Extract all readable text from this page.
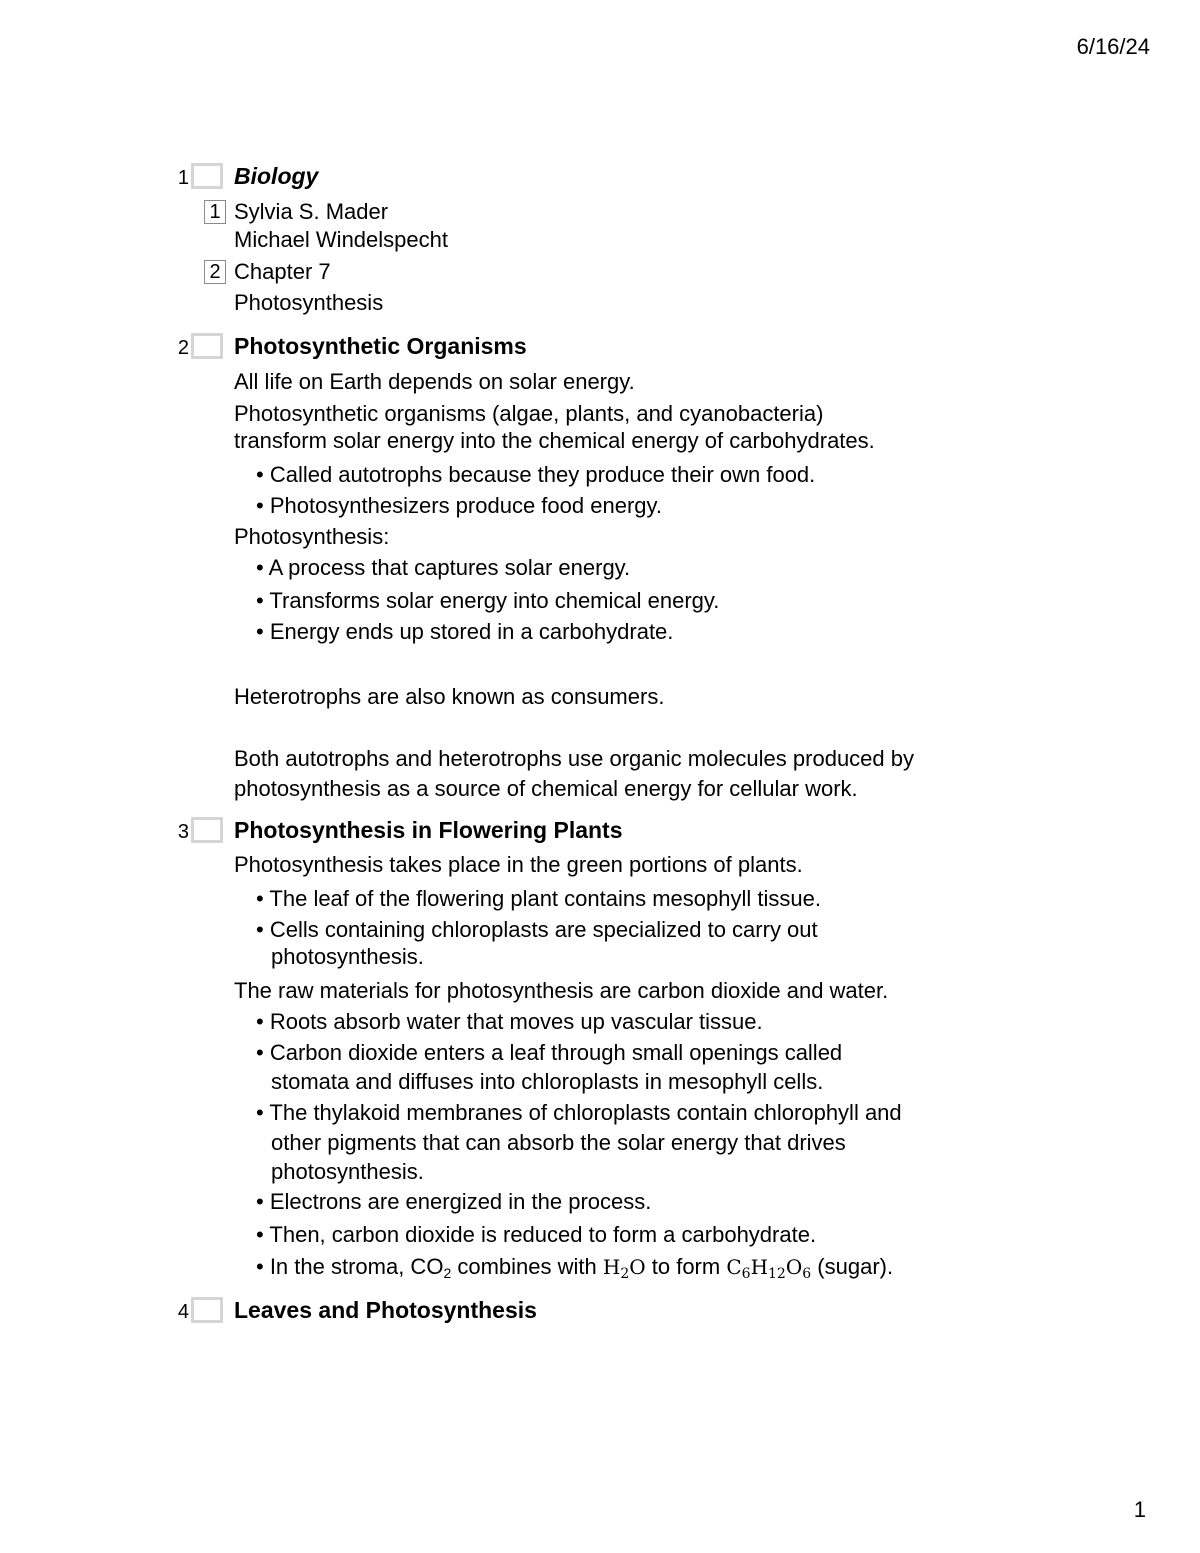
6/16/24
1 Biology
1 Sylvia S. Mader
Michael Windelspecht
2 Chapter 7
Photosynthesis
2 Photosynthetic Organisms
All life on Earth depends on solar energy.
Photosynthetic organisms (algae, plants, and cyanobacteria)
transform solar energy into the chemical energy of carbohydrates.
• Called autotrophs because they produce their own food.
• Photosynthesizers produce food energy.
Photosynthesis:
• A process that captures solar energy.
• Transforms solar energy into chemical energy.
• Energy ends up stored in a carbohydrate.
Heterotrophs are also known as consumers.
Both autotrophs and heterotrophs use organic molecules produced by
photosynthesis as a source of chemical energy for cellular work.
3 Photosynthesis in Flowering Plants
Photosynthesis takes place in the green portions of plants.
• The leaf of the flowering plant contains mesophyll tissue.
• Cells containing chloroplasts are specialized to carry out
photosynthesis.
The raw materials for photosynthesis are carbon dioxide and water.
• Roots absorb water that moves up vascular tissue.
• Carbon dioxide enters a leaf through small openings called
stomata and diffuses into chloroplasts in mesophyll cells.
• The thylakoid membranes of chloroplasts contain chlorophyll and
other pigments that can absorb the solar energy that drives
photosynthesis.
• Electrons are energized in the process.
• Then, carbon dioxide is reduced to form a carbohydrate.
• In the stroma, $CO_2$ combines with $H_2O$ to form $C_6H_{12}O_6$ (sugar).
4 Leaves and Photosynthesis
1
